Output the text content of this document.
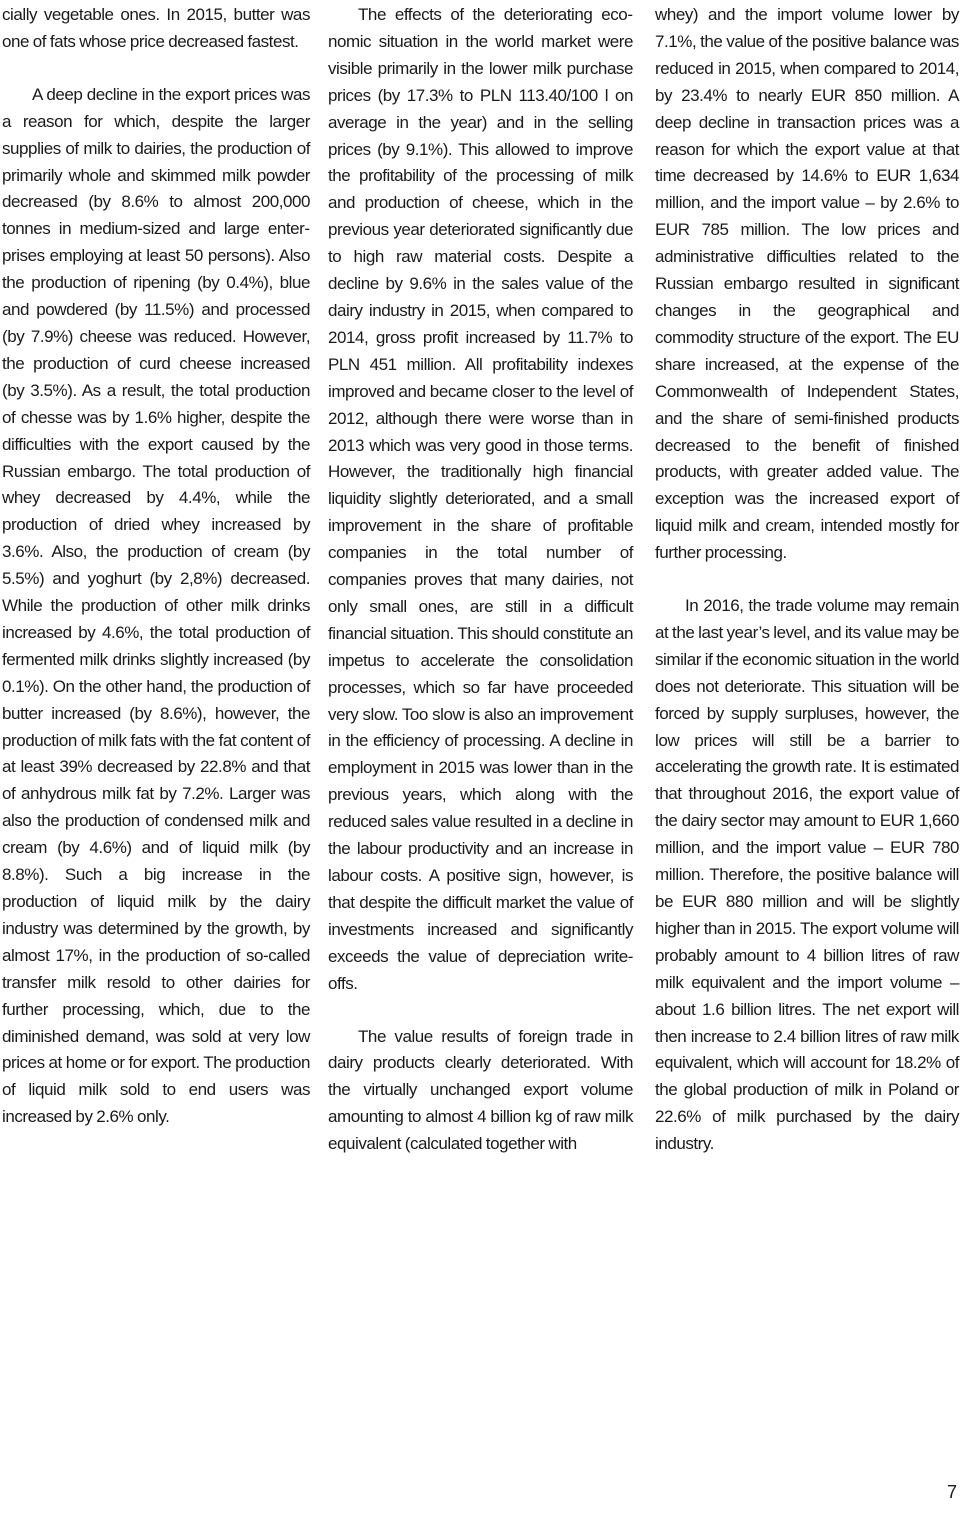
cially vegetable ones. In 2015, butter was one of fats whose price decreased fastest.

A deep decline in the export prices was a reason for which, despite the larger supplies of milk to dairies, the production of primarily whole and skimmed milk powder decreased (by 8.6% to almost 200,000 tonnes in medium-sized and large enterprises employing at least 50 persons). Also the production of ripening (by 0.4%), blue and powdered (by 11.5%) and processed (by 7.9%) cheese was reduced. However, the production of curd cheese increased (by 3.5%). As a result, the total production of chesse was by 1.6% higher, despite the difficulties with the export caused by the Russian embargo. The total production of whey decreased by 4.4%, while the production of dried whey increased by 3.6%. Also, the production of cream (by 5.5%) and yoghurt (by 2,8%) decreased. While the production of other milk drinks increased by 4.6%, the total production of fermented milk drinks slightly increased (by 0.1%). On the other hand, the production of butter increased (by 8.6%), however, the production of milk fats with the fat content of at least 39% decreased by 22.8% and that of anhydrous milk fat by 7.2%. Larger was also the production of condensed milk and cream (by 4.6%) and of liquid milk (by 8.8%). Such a big increase in the production of liquid milk by the dairy industry was determined by the growth, by almost 17%, in the production of so-called transfer milk resold to other dairies for further processing, which, due to the diminished demand, was sold at very low prices at home or for export. The production of liquid milk sold to end users was increased by 2.6% only.

The effects of the deteriorating economic situation in the world market were visible primarily in the lower milk purchase prices (by 17.3% to PLN 113.40/100 l on average in the year) and in the selling prices (by 9.1%). This allowed to improve the profitability of the processing of milk and production of cheese, which in the previous year deteriorated significantly due to high raw material costs. Despite a decline by 9.6% in the sales value of the dairy industry in 2015, when compared to 2014, gross profit increased by 11.7% to PLN 451 million. All profitability indexes improved and became closer to the level of 2012, although there were worse than in 2013 which was very good in those terms. However, the traditionally high financial liquidity slightly deteriorated, and a small improvement in the share of profitable companies in the total number of companies proves that many dairies, not only small ones, are still in a difficult financial situation. This should constitute an impetus to accelerate the consolidation processes, which so far have proceeded very slow. Too slow is also an improvement in the efficiency of processing. A decline in employment in 2015 was lower than in the previous years, which along with the reduced sales value resulted in a decline in the labour productivity and an increase in labour costs. A positive sign, however, is that despite the difficult market the value of investments increased and significantly exceeds the value of depreciation write-offs.

The value results of foreign trade in dairy products clearly deteriorated. With the virtually unchanged export volume amounting to almost 4 billion kg of raw milk equivalent (calculated together with

whey) and the import volume lower by 7.1%, the value of the positive balance was reduced in 2015, when compared to 2014, by 23.4% to nearly EUR 850 million. A deep decline in transaction prices was a reason for which the export value at that time decreased by 14.6% to EUR 1,634 million, and the import value – by 2.6% to EUR 785 million. The low prices and administrative difficulties related to the Russian embargo resulted in significant changes in the geographical and commodity structure of the export. The EU share increased, at the expense of the Commonwealth of Independent States, and the share of semi-finished products decreased to the benefit of finished products, with greater added value. The exception was the increased export of liquid milk and cream, intended mostly for further processing.

In 2016, the trade volume may remain at the last year’s level, and its value may be similar if the economic situation in the world does not deteriorate. This situation will be forced by supply surpluses, however, the low prices will still be a barrier to accelerating the growth rate. It is estimated that throughout 2016, the export value of the dairy sector may amount to EUR 1,660 million, and the import value – EUR 780 million. Therefore, the positive balance will be EUR 880 million and will be slightly higher than in 2015. The export volume will probably amount to 4 billion litres of raw milk equivalent and the import volume – about 1.6 billion litres. The net export will then increase to 2.4 billion litres of raw milk equivalent, which will account for 18.2% of the global production of milk in Poland or 22.6% of milk purchased by the dairy industry.

7
